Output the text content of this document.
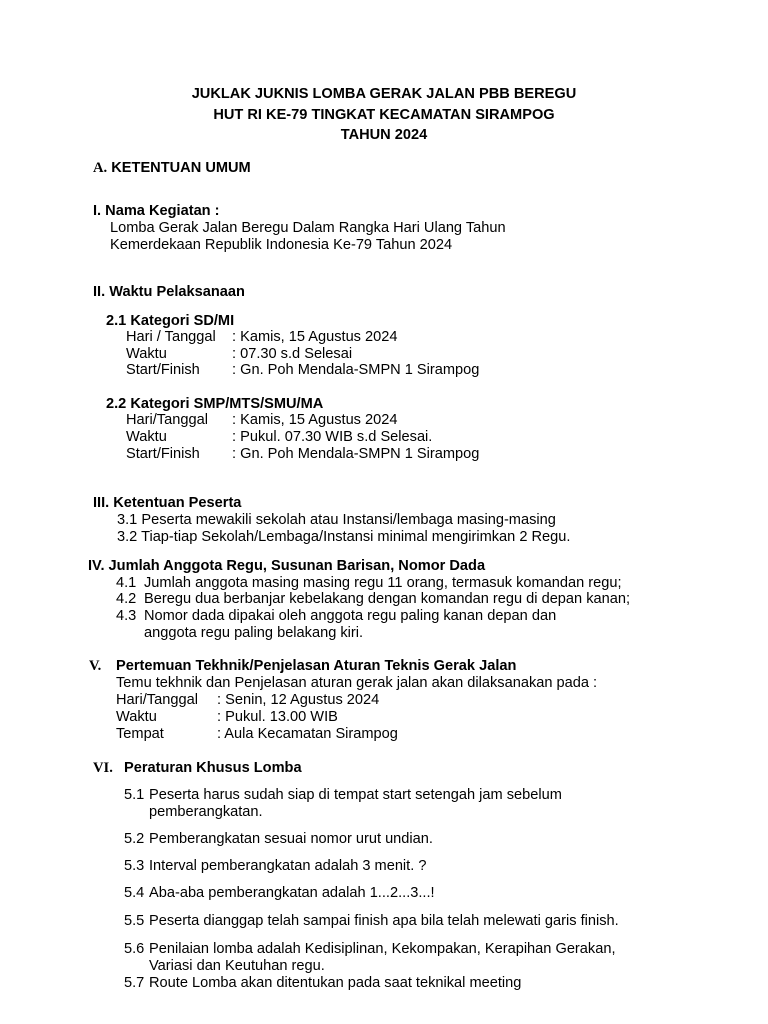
JUKLAK JUKNIS LOMBA GERAK JALAN PBB BEREGU
HUT RI KE-79 TINGKAT KECAMATAN SIRAMPOG
TAHUN 2024
A. KETENTUAN UMUM
I. Nama Kegiatan :
Lomba Gerak Jalan Beregu Dalam Rangka Hari Ulang Tahun
Kemerdekaan Republik Indonesia Ke-79 Tahun 2024
II. Waktu Pelaksanaan
2.1 Kategori SD/MI
Hari / Tanggal : Kamis, 15 Agustus 2024
Waktu	: 07.30 s.d Selesai
Start/Finish : Gn. Poh Mendala-SMPN 1 Sirampog
2.2 Kategori SMP/MTS/SMU/MA
Hari/Tanggal : Kamis, 15 Agustus 2024
Waktu	: Pukul. 07.30 WIB s.d Selesai.
Start/Finish : Gn. Poh Mendala-SMPN 1 Sirampog
III. Ketentuan Peserta
3.1 Peserta mewakili sekolah atau Instansi/lembaga masing-masing
3.2 Tiap-tiap Sekolah/Lembaga/Instansi minimal mengirimkan 2 Regu.
IV. Jumlah Anggota Regu, Susunan Barisan, Nomor Dada
4.1 Jumlah anggota masing masing regu 11 orang, termasuk komandan regu;
4.2 Beregu dua berbanjar kebelakang dengan komandan regu di depan kanan;
4.3 Nomor dada dipakai oleh anggota regu paling kanan depan dan
anggota regu paling belakang kiri.
V. Pertemuan Tekhnik/Penjelasan Aturan Teknis Gerak Jalan
Temu tekhnik dan Penjelasan aturan gerak jalan akan dilaksanakan pada :
Hari/Tanggal : Senin, 12 Agustus 2024
Waktu	: Pukul. 13.00 WIB
Tempat	: Aula Kecamatan Sirampog
VI. Peraturan Khusus Lomba
5.1 Peserta harus sudah siap di tempat start setengah jam sebelum
pemberangkatan.
5.2 Pemberangkatan sesuai nomor urut undian.
5.3 Interval pemberangkatan adalah 3 menit. ?
5.4 Aba-aba pemberangkatan adalah 1...2...3...!
5.5 Peserta dianggap telah sampai finish apa bila telah melewati garis finish.
5.6 Penilaian lomba adalah Kedisiplinan, Kekompakan, Kerapihan Gerakan,
Variasi dan Keutuhan regu.
5.7 Route Lomba akan ditentukan pada saat teknikal meeting
